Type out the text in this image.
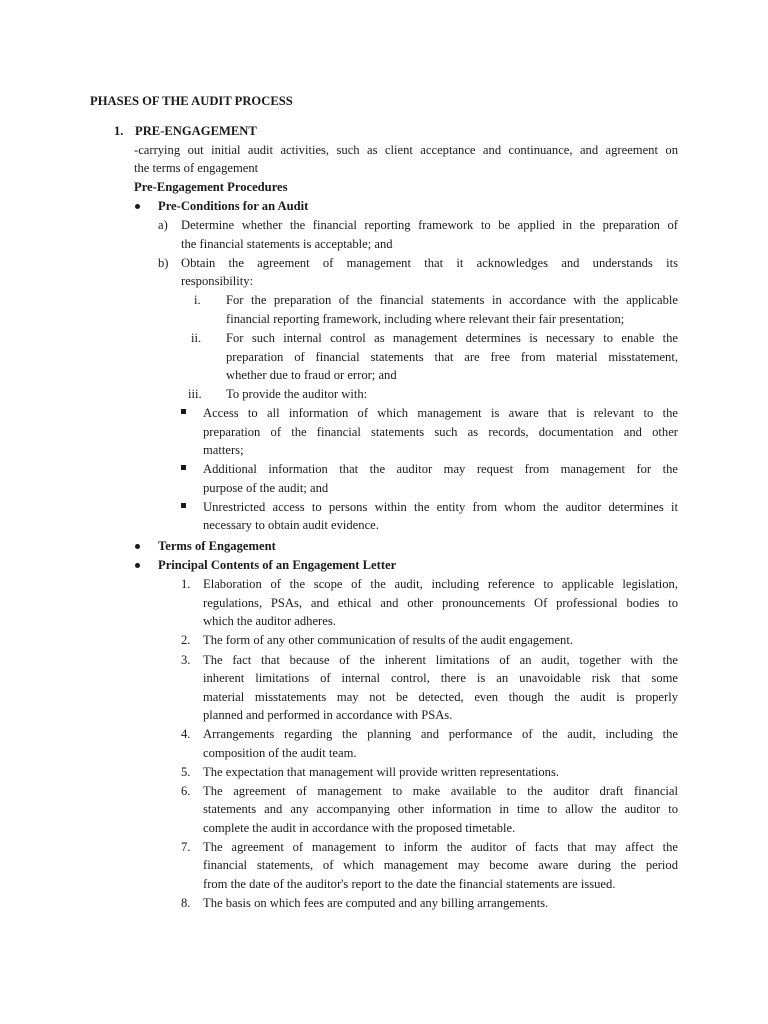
PHASES OF THE AUDIT PROCESS
1. PRE-ENGAGEMENT
-carrying out initial audit activities, such as client acceptance and continuance, and agreement on
the terms of engagement
Pre-Engagement Procedures
Pre-Conditions for an Audit
a) Determine whether the financial reporting framework to be applied in the preparation of
the financial statements is acceptable; and
b) Obtain the agreement of management that it acknowledges and understands its
responsibility:
i. For the preparation of the financial statements in accordance with the applicable
financial reporting framework, including where relevant their fair presentation;
ii. For such internal control as management determines is necessary to enable the
preparation of financial statements that are free from material misstatement,
whether due to fraud or error; and
iii. To provide the auditor with:
Access to all information of which management is aware that is relevant to the
preparation of the financial statements such as records, documentation and other
matters;
Additional information that the auditor may request from management for the
purpose of the audit; and
Unrestricted access to persons within the entity from whom the auditor determines it
necessary to obtain audit evidence.
Terms of Engagement
Principal Contents of an Engagement Letter
1. Elaboration of the scope of the audit, including reference to applicable legislation,
regulations, PSAs, and ethical and other pronouncements Of professional bodies to
which the auditor adheres.
2. The form of any other communication of results of the audit engagement.
3. The fact that because of the inherent limitations of an audit, together with the
inherent limitations of internal control, there is an unavoidable risk that some
material misstatements may not be detected, even though the audit is properly
planned and performed in accordance with PSAs.
4. Arrangements regarding the planning and performance of the audit, including the
composition of the audit team.
5. The expectation that management will provide written representations.
6. The agreement of management to make available to the auditor draft financial
statements and any accompanying other information in time to allow the auditor to
complete the audit in accordance with the proposed timetable.
7. The agreement of management to inform the auditor of facts that may affect the
financial statements, of which management may become aware during the period
from the date of the auditor's report to the date the financial statements are issued.
8. The basis on which fees are computed and any billing arrangements.
